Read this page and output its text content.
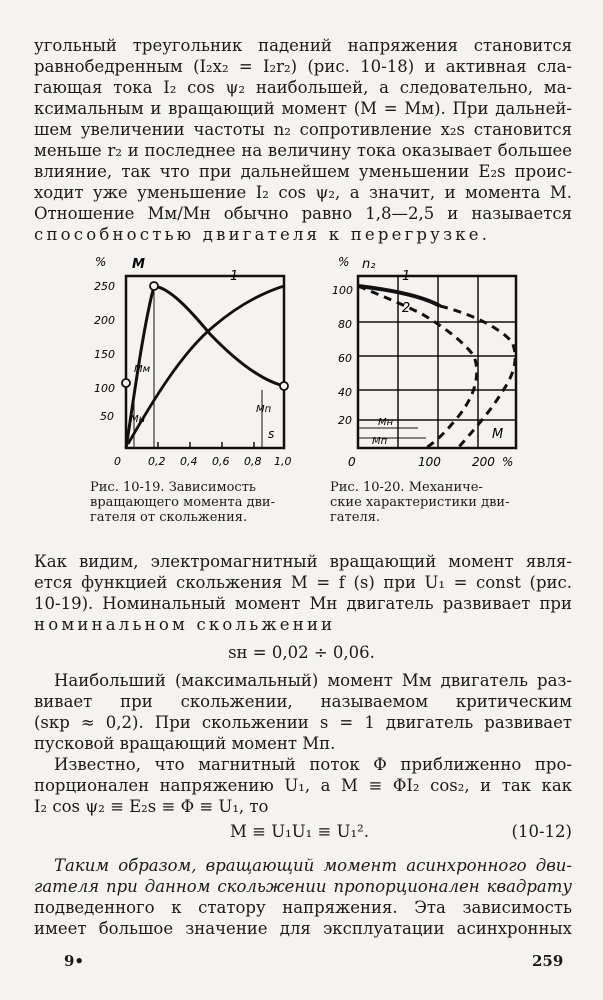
угольный треугольник падений напряжения становится
равнобедренным (I₂x₂ = I₂r₂) (рис. 10-18) и активная сла-
гающая тока I₂ cos ψ₂ наибольшей, а следовательно, ма-
ксимальным и вращающий момент (M = Mм). При дальней-
шем увеличении частоты n₂ сопротивление x₂s становится
меньше r₂ и последнее на величину тока оказывает большее
влияние, так что при дальнейшем уменьшении E₂s проис-
ходит уже уменьшение I₂ cos ψ₂, а значит, и момента M.
Отношение Mм/Mн обычно равно 1,8—2,5 и называется
способностью двигателя к перегрузке.
% M
250
200
150
100
50
0 0,2 0,4 0,6 0,8 1,0
Mм
Mн
Mп
s
1
Рис. 10-19. Зависимость
вращающего момента дви-
гателя от скольжения.
% n₂
100
80
60
40
20
0	100	200 %
1
2
Mн
Mп	M
Рис. 10-20. Механиче-
ские характеристики дви-
гателя.
Как видим, электромагнитный вращающий момент явля-
ется функцией скольжения M = f (s) при U₁ = const (рис.
10-19). Номинальный момент Mн двигатель развивает при
номинальном скольжении
sн = 0,02 ÷ 0,06.
Наибольший (максимальный) момент Mм двигатель раз-
вивает при скольжении, называемом критическим
(sкр ≈ 0,2). При скольжении s = 1 двигатель развивает
пусковой вращающий момент Mп.
Известно, что магнитный поток Φ приближенно про-
порционален напряжению U₁, а M ≡ ΦI₂ cos₂, и так как
I₂ cos ψ₂ ≡ E₂s ≡ Φ ≡ U₁, то
M ≡ U₁U₁ ≡ U₁².	(10-12)
Таким образом, вращающий момент асинхронного дви-
гателя при данном скольжении пропорционален квадрату
подведенного к статору напряжения. Эта зависимость
имеет большое значение для эксплуатации асинхронных
9•	259
